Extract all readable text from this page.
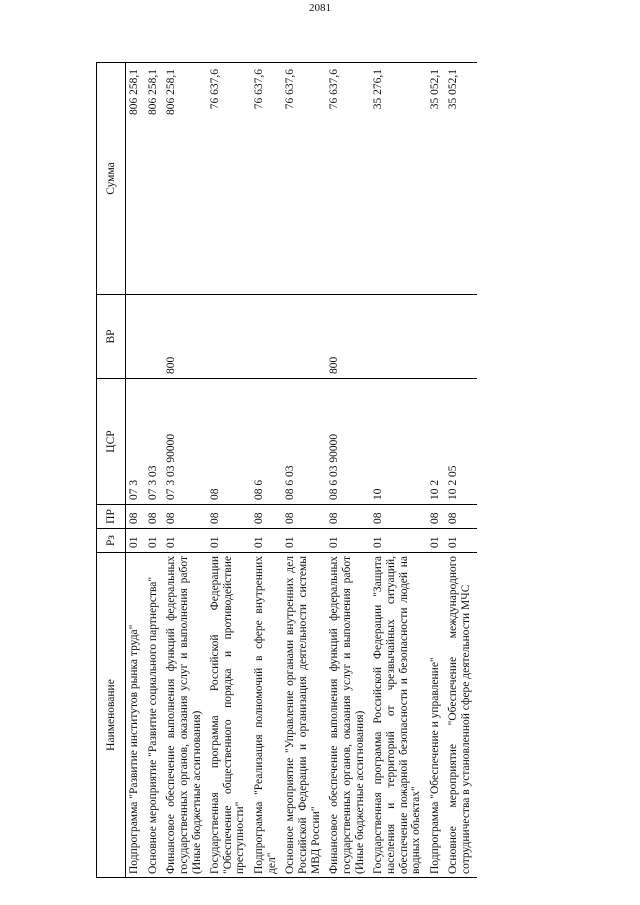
2081
Наименование	Рз	ПР	ЦСР	ВР	Сумма
Подпрограмма "Развитие институтов рынка труда"	01	08	07 3		806 258,1
Основное мероприятие "Развитие социального партнерства"	01	08	07 3 03		806 258,1
Финансовое обеспечение выполнения функций федеральных государственных органов, оказания услуг и выполнения работ (Иные бюджетные ассигнования)	01	08	07 3 03 90000	800	806 258,1
Государственная программа Российской Федерации "Обеспечение общественного порядка и противодействие преступности"	01	08	08		76 637,6
Подпрограмма "Реализация полномочий в сфере внутренних дел"	01	08	08 6		76 637,6
Основное мероприятие "Управление органами внутренних дел Российской Федерации и организация деятельности системы МВД России"	01	08	08 6 03		76 637,6
Финансовое обеспечение выполнения функций федеральных государственных органов, оказания услуг и выполнения работ (Иные бюджетные ассигнования)	01	08	08 6 03 90000	800	76 637,6
Государственная программа Российской Федерации "Защита населения и территорий от чрезвычайных ситуаций, обеспечение пожарной безопасности и безопасности людей на водных объектах"	01	08	10		35 276,1
Подпрограмма "Обеспечение и управление"	01	08	10 2		35 052,1
Основное мероприятие "Обеспечение международного сотрудничества в установленной сфере деятельности МЧС	01	08	10 2 05		35 052,1
